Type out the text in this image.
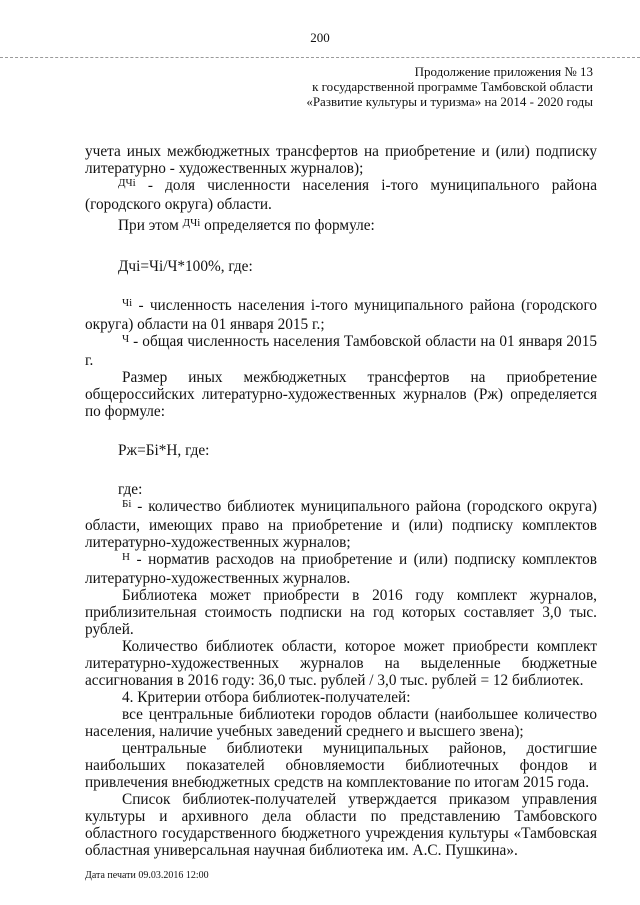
200
Продолжение приложения № 13
к государственной программе Тамбовской области
«Развитие культуры и туризма» на 2014 - 2020 годы

учета иных межбюджетных трансфертов на приобретение и (или) подписку литературно - художественных журналов);

$^{ДЧi}$ - доля численности населения i-того муниципального района (городского округа) области.

При этом $^{ДЧi}$ определяется по формуле:

Дчi=Чi/Ч*100%, где:

$^{Чi}$ - численность населения i-того муниципального района (городского округа) области на 01 января 2015 г.;

$^Ч$ - общая численность населения Тамбовской области на 01 января 2015 г.

Размер иных межбюджетных трансфертов на приобретение общероссийских литературно-художественных журналов (Рж) определяется по формуле:

Рж=Бi*Н, где:

где:

$^{Бi}$ - количество библиотек муниципального района (городского округа) области, имеющих право на приобретение и (или) подписку комплектов литературно-художественных журналов;

$^Н$ - норматив расходов на приобретение и (или) подписку комплектов литературно-художественных журналов.

Библиотека может приобрести в 2016 году комплект журналов, приблизительная стоимость подписки на год которых составляет 3,0 тыс. рублей.

Количество библиотек области, которое может приобрести комплект литературно-художественных журналов на выделенные бюджетные ассигнования в 2016 году: 36,0 тыс. рублей / 3,0 тыс. рублей = 12 библиотек.

4. Критерии отбора библиотек-получателей:

все центральные библиотеки городов области (наибольшее количество населения, наличие учебных заведений среднего и высшего звена);

центральные библиотеки муниципальных районов, достигшие наибольших показателей обновляемости библиотечных фондов и привлечения внебюджетных средств на комплектование по итогам 2015 года.

Список библиотек-получателей утверждается приказом управления культуры и архивного дела области по представлению Тамбовского областного государственного бюджетного учреждения культуры «Тамбовская областная универсальная научная библиотека им. А.С. Пушкина».

Дата печати 09.03.2016 12:00
